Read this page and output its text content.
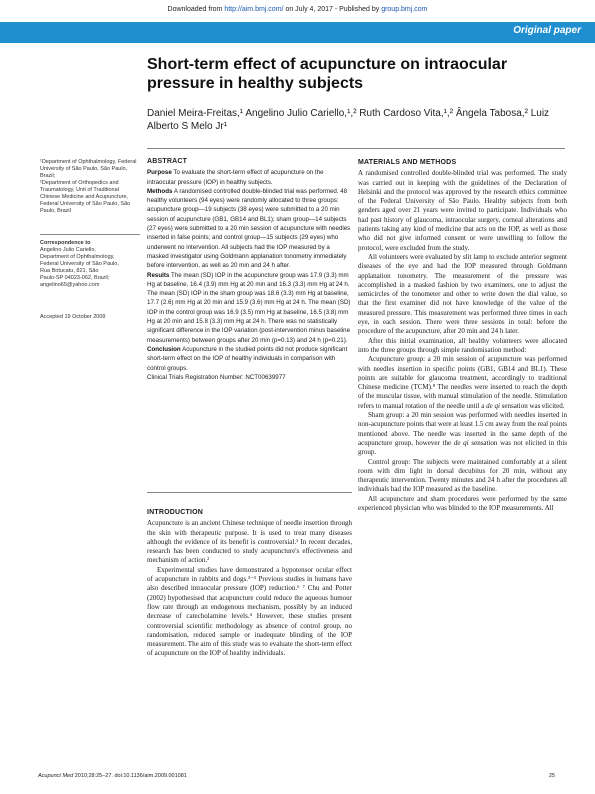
Downloaded from http://aim.bmj.com/ on July 4, 2017 - Published by group.bmj.com
Original paper
Short-term effect of acupuncture on intraocular pressure in healthy subjects
Daniel Meira-Freitas,¹ Angelino Julio Cariello,¹,² Ruth Cardoso Vita,¹,² Ângela Tabosa,² Luiz Alberto S Melo Jr¹

¹Department of Ophthalmology, Federal University of São Paulo, São Paulo, Brazil;

²Department of Orthopedics and Traumatology, Unit of Traditional Chinese Medicine and Acupuncture, Federal University of São Paulo, São Paulo, Brazil

Correspondence to

Angelino Julio Cariello,

Department of Ophthalmology,

Federal University of São Paulo,

Rua Botucatu, 821, São

Paulo-SP 04023-062, Brazil;

angelino65@yahoo.com

Accepted 19 October 2009
ABSTRACT

Purpose To evaluate the short-term effect of acupuncture on the intraocular pressure (IOP) in healthy subjects.

Methods A randomised controlled double-blinded trial was performed. 48 healthy volunteers (94 eyes) were randomly allocated to three groups: acupuncture group—19 subjects (38 eyes) were submitted to a 20 min session of acupuncture (GB1, GB14 and BL1); sham group—14 subjects (27 eyes) were submitted to a 20 min session of acupuncture with needles inserted in false points; and control group—15 subjects (29 eyes) who underwent no intervention. All subjects had the IOP measured by a masked investigator using Goldmann applanation tonometry immediately before intervention, as well as 20 min and 24 h after.

Results The mean (SD) IOP in the acupuncture group was 17.9 (3.3) mm Hg at baseline, 16.4 (3.9) mm Hg at 20 min and 16.3 (3.3) mm Hg at 24 h. The mean (SD) IOP in the sham group was 18.6 (3.3) mm Hg at baseline, 17.7 (2.6) mm Hg at 20 min and 15.9 (3.6) mm Hg at 24 h. The mean (SD) IOP in the control group was 16.9 (3.5) mm Hg at baseline, 16.5 (3.8) mm Hg at 20 min and 15.8 (3.3) mm Hg at 24 h. There was no statistically significant difference in the IOP variation (post-intervention minus baseline measurements) between groups after 20 min (p=0.13) and 24 h (p=0.21).

Conclusion Acupuncture in the studied points did not produce significant short-term effect on the IOP of healthy individuals in comparison with control groups.

Clinical Trials Registration Number: NCT00639977

INTRODUCTION

Acupuncture is an ancient Chinese technique of needle insertion through the skin with therapeutic purpose. It is used to treat many diseases although the evidence of its benefit is controversial.¹ In recent decades, research has been conducted to study acupuncture's effectiveness and mechanism of action.²

Experimental studies have demonstrated a hypotensor ocular effect of acupuncture in rabbits and dogs.³⁻⁵ Previous studies in humans have also described intraocular pressure (IOP) reduction.⁶ ⁷ Chu and Potter (2002) hypothesised that acupuncture could reduce the aqueous humour flow rate through an endogenous mechanism, possibly by an induced decrease of catecholamine levels.⁴ However, these studies present controversial scientific methodology as absence of control group, no randomisation, reduced sample or inadequate blinding of the IOP measurement. The aim of this study was to evaluate the short-term effect of acupuncture on the IOP of healthy individuals.

MATERIALS AND METHODS

A randomised controlled double-blinded trial was performed. The study was carried out in keeping with the guidelines of the Declaration of Helsinki and the protocol was approved by the research ethics committee of the Federal University of São Paulo. Healthy subjects from both genders aged over 21 years were invited to participate. Individuals who had past history of glaucoma, intraocular surgery, corneal alterations and patients taking any kind of medicine that acts on the IOP, as well as those who did not give informed consent or were unwilling to follow the protocol, were excluded from the study.

All volunteers were evaluated by slit lamp to exclude anterior segment diseases of the eye and had the IOP measured through Goldmann applanation tonometry. The measurement of the pressure was accomplished in a masked fashion by two examiners, one to adjust the semicircles of the tonometer and other to write down the dial value, so that the first examiner did not have knowledge of the value of the measured pressure. This measurement was performed three times in each eye, in each session. There were three sessions in total: before the procedure of the acupuncture, after 20 min and 24 h later.

After this initial examination, all healthy volunteers were allocated into the three groups through simple randomisation method:

Acupuncture group: a 20 min session of acupuncture was performed with needles insertion in specific points (GB1, GB14 and BL1). These points are suitable for glaucoma treatment, accordingly to traditional Chinese medicine (TCM).⁸ The needles were inserted to reach the depth of the muscular tissue, with manual stimulation of the needle. Stimulation refers to manual rotation of the needle until a de qi sensation was elicited.

Sham group: a 20 min session was performed with needles inserted in non-acupuncture points that were at least 1.5 cm away from the real points mentioned above. The needle was inserted in the same depth of the acupuncture group, however the de qi sensation was not elicited in this group.

Control group: The subjects were maintained comfortably at a silent room with dim light in dorsal decubitus for 20 min, without any therapeutic intervention. Twenty minutes and 24 h after the procedures all individuals had the IOP measured as the baseline.

All acupuncture and sham procedures were performed by the same experienced physician who was blinded to the IOP measurements. All

Acupunct Med 2010;28:25–27. doi:10.1136/aim.2009.001081	25
